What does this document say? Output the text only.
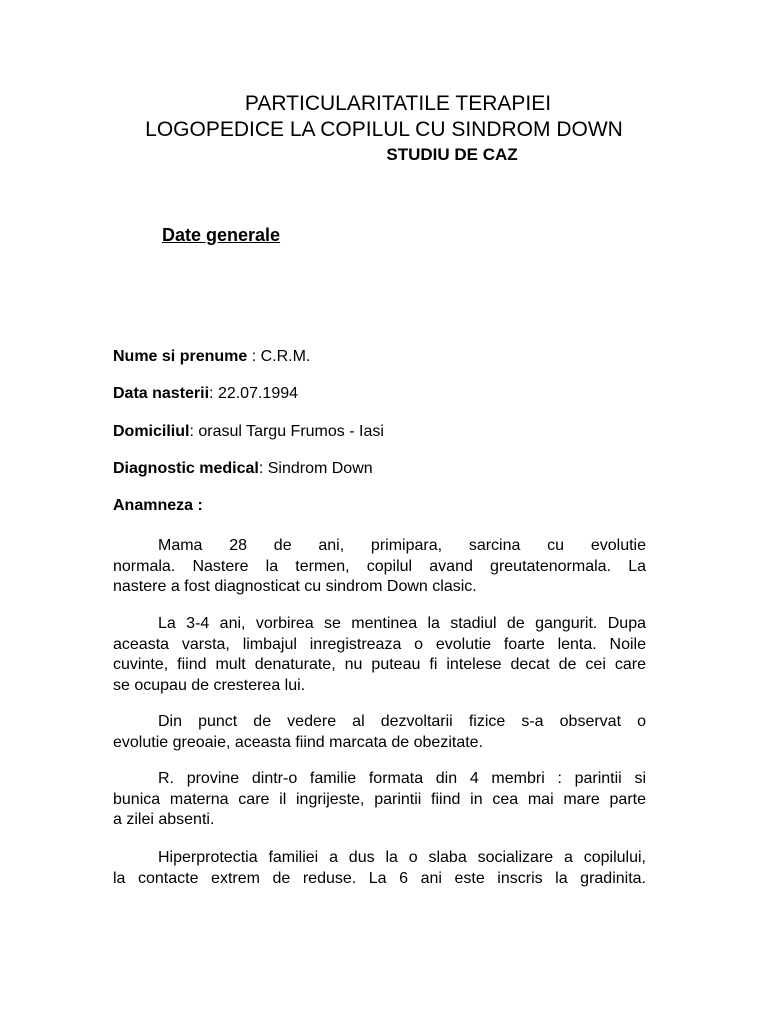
PARTICULARITATILE TERAPIEI
LOGOPEDICE LA COPILUL CU SINDROM DOWN
STUDIU DE CAZ
Date generale
Nume si prenume : C.R.M.
Data nasterii: 22.07.1994
Domiciliul: orasul Targu Frumos - Iasi
Diagnostic medical: Sindrom Down
Anamneza :
Mama 28 de ani, primipara, sarcina cu evolutie
normala. Nastere la termen, copilul avand greutatenormala. La
nastere a fost diagnosticat cu sindrom Down clasic.
La 3-4 ani, vorbirea se mentinea la stadiul de gangurit. Dupa
aceasta varsta, limbajul inregistreaza o evolutie foarte lenta. Noile
cuvinte, fiind mult denaturate, nu puteau fi intelese decat de cei care
se ocupau de cresterea lui.
Din punct de vedere al dezvoltarii fizice s-a observat o
evolutie greoaie, aceasta fiind marcata de obezitate.
R. provine dintr-o familie formata din 4 membri : parintii si
bunica materna care il ingrijeste, parintii fiind in cea mai mare parte
a zilei absenti.
Hiperprotectia familiei a dus la o slaba socializare a copilului,
la contacte extrem de reduse. La 6 ani este inscris la gradinita.
